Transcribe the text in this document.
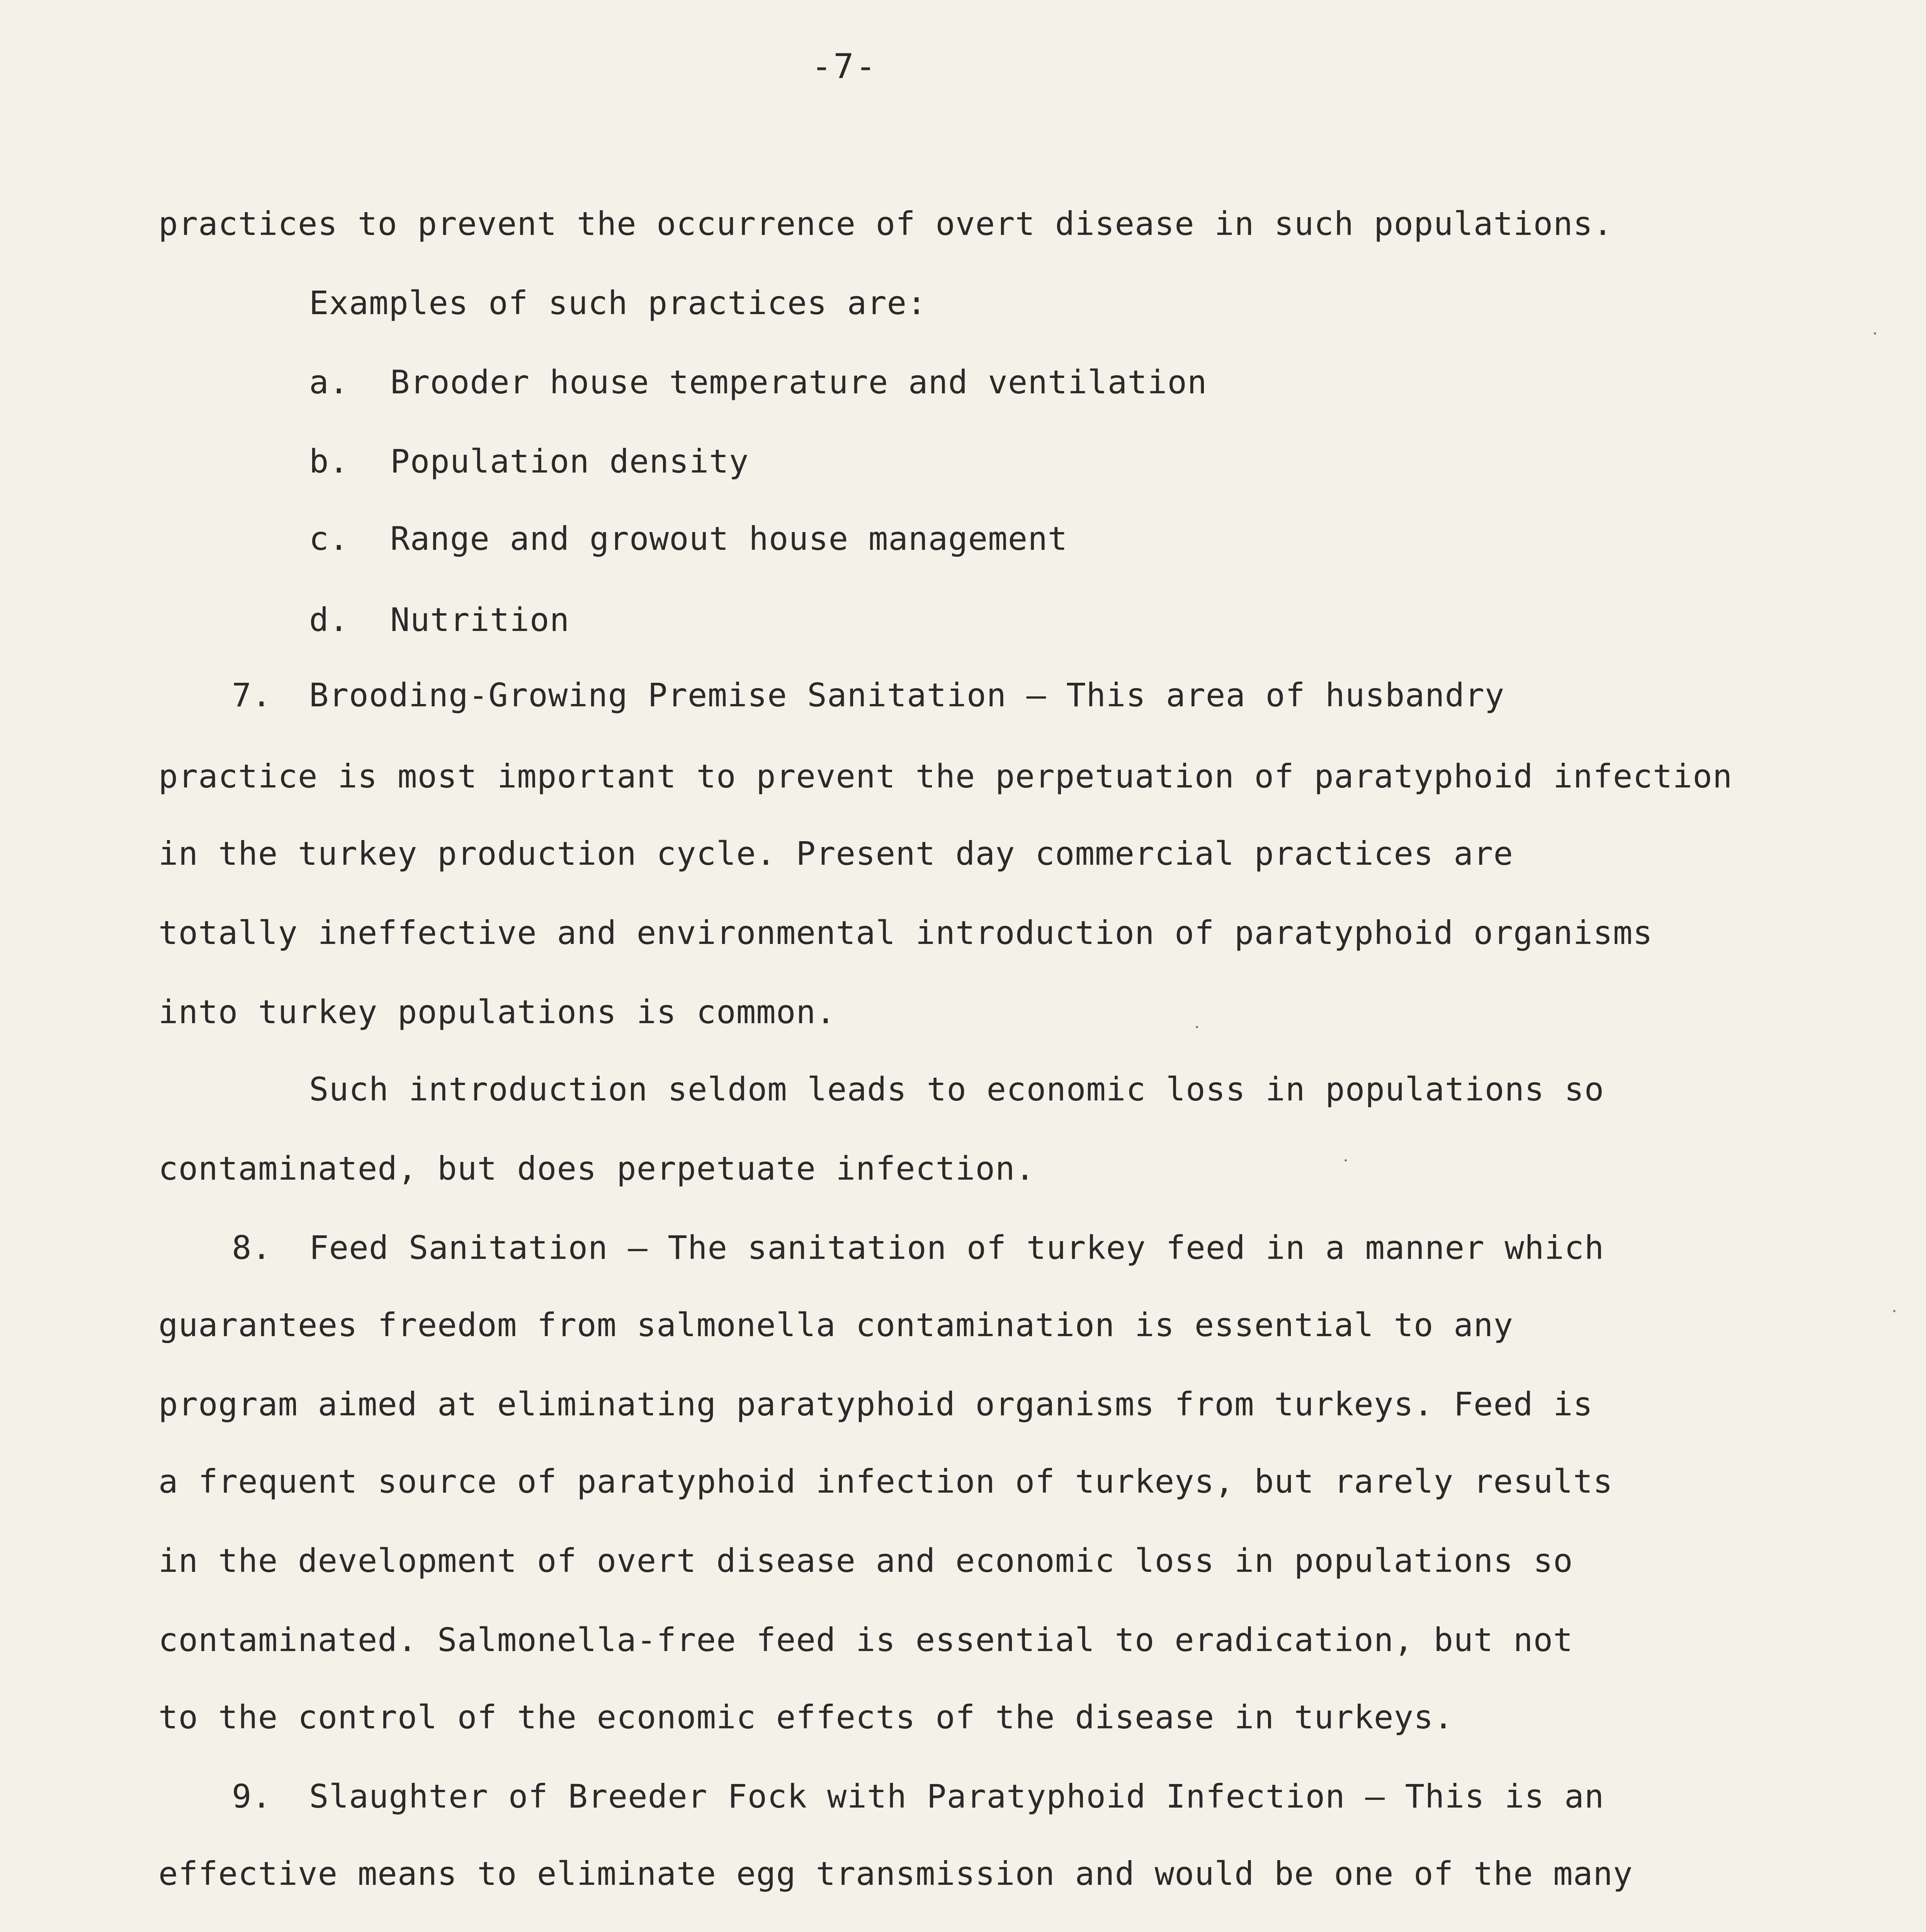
-7-
practices to prevent the occurrence of overt disease in such populations.
Examples of such practices are:
a. Brooder house temperature and ventilation
b. Population density
c. Range and growout house management
d. Nutrition
7. Brooding-Growing Premise Sanitation — This area of husbandry
practice is most important to prevent the perpetuation of paratyphoid infection
in the turkey production cycle. Present day commercial practices are
totally ineffective and environmental introduction of paratyphoid organisms
into turkey populations is common.
Such introduction seldom leads to economic loss in populations so
contaminated, but does perpetuate infection.
8. Feed Sanitation — The sanitation of turkey feed in a manner which
guarantees freedom from salmonella contamination is essential to any
program aimed at eliminating paratyphoid organisms from turkeys. Feed is
a frequent source of paratyphoid infection of turkeys, but rarely results
in the development of overt disease and economic loss in populations so
contaminated. Salmonella-free feed is essential to eradication, but not
to the control of the economic effects of the disease in turkeys.
9. Slaughter of Breeder Fock with Paratyphoid Infection — This is an
effective means to eliminate egg transmission and would be one of the many
